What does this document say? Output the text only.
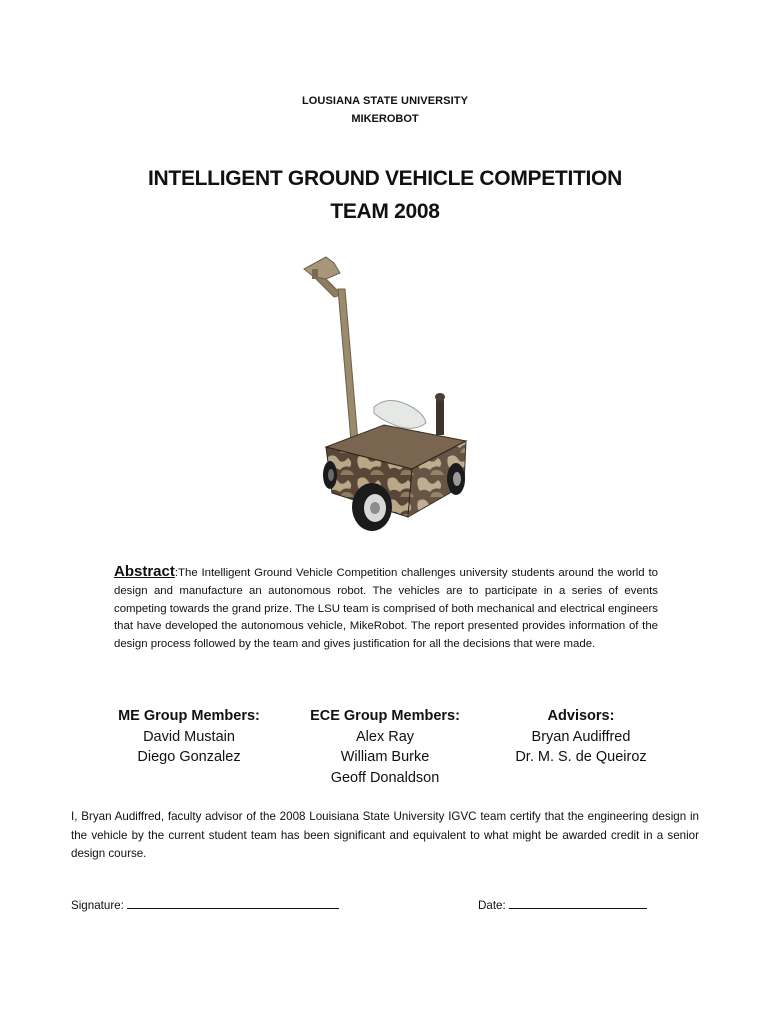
LOUSIANA STATE UNIVERSITY
MIKEROBOT
INTELLIGENT GROUND VEHICLE COMPETITION
TEAM 2008
Abstract:The Intelligent Ground Vehicle Competition challenges university students around the world to design and manufacture an autonomous robot. The vehicles are to participate in a series of events competing towards the grand prize. The LSU team is comprised of both mechanical and electrical engineers that have developed the autonomous vehicle, MikeRobot. The report presented provides information of the design process followed by the team and gives justification for all the decisions that were made.
ME Group Members:
David Mustain
Diego Gonzalez
ECE Group Members:
Alex Ray
William Burke
Geoff Donaldson
Advisors:
Bryan Audiffred
Dr. M. S. de Queiroz
I, Bryan Audiffred, faculty advisor of the 2008 Louisiana State University IGVC team certify that the engineering design in the vehicle by the current student team has been significant and equivalent to what might be awarded credit in a senior design course.
Signature:	Date:
